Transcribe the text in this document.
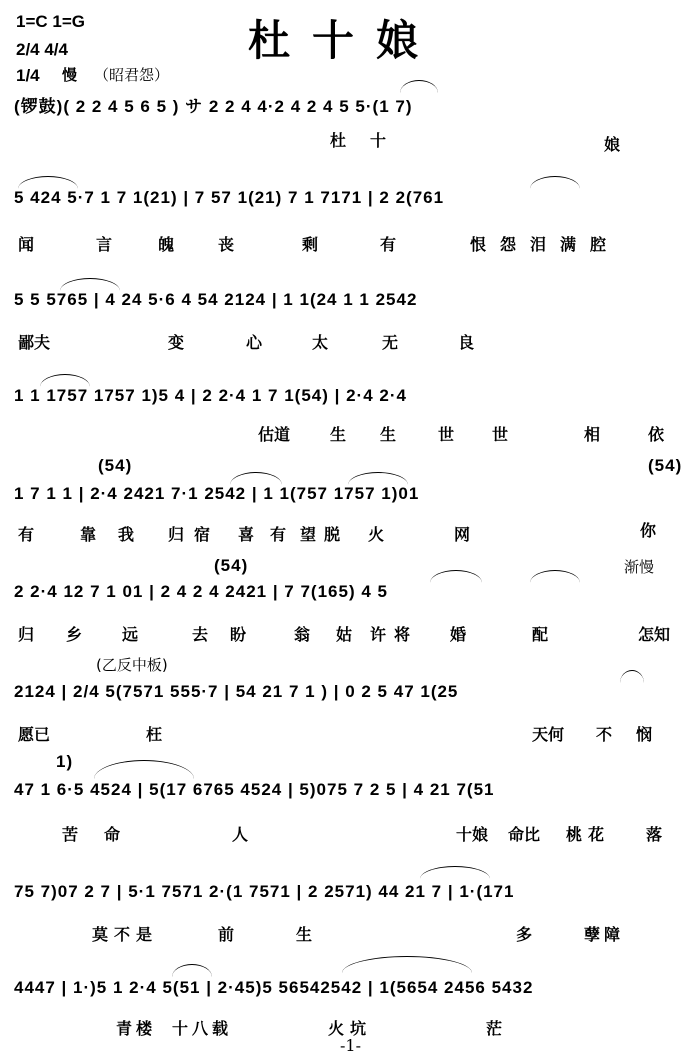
1=C 1=G
2/4 4/4
1/4 慢 （昭君怨）
杜十娘
(锣鼓)( 2 2 4 5 6 5 ) サ 2 2 4 4·2 4 2 4 5 5·(1 7)
杜 十	娘
5 424 5·7 1 7 1(21) | 7 57 1(21) 7 1 7171 | 2 2(761
闻	言	魄	丧	剩	有	恨怨泪满腔
5 5 5765 | 4 24 5·6 4 54 2124 | 1 1(24 1 1 2542
鄙夫	变	心	太	无	良
1 1 1757 1757 1)5 4 | 2 2·4 1 7 1(54) | 2·4 2·4
估道 生 生	世 世	相	依
(54)	(54)
1 7 1 1 | 2·4 2421 7·1 2542 | 1 1(757 1757 1)01
有	靠 我 归宿 喜 有 望脱 火	网	你
(54)	渐慢
2 2·4 12 7 1 01 | 2 4 2 4 2421 | 7 7(165) 4 5
归 乡 远	去 盼	翁 姑 许将 婚	配	怎知
(乙反中板)
2124 | 2/4 5(7571 555·7 | 54 21 7 1 ) | 0 2 5 47 1(25
愿已	枉	天何 不 悯
1)
47 1 6·5 4524 | 5(17 6765 4524 | 5)075 7 2 5 | 4 21 7(51
苦 命	人	十娘 命比 桃花 落
75 7)07 2 7 | 5·1 7571 2·(1 7571 | 2 2571) 44 21 7 | 1·(171
莫不是	前	生	多	孽障
4447 | 1·)5 1 2·4 5(51 | 2·45)5 56542542 | 1(5654 2456 5432
青楼 十八载	火坑	茫
-1-
